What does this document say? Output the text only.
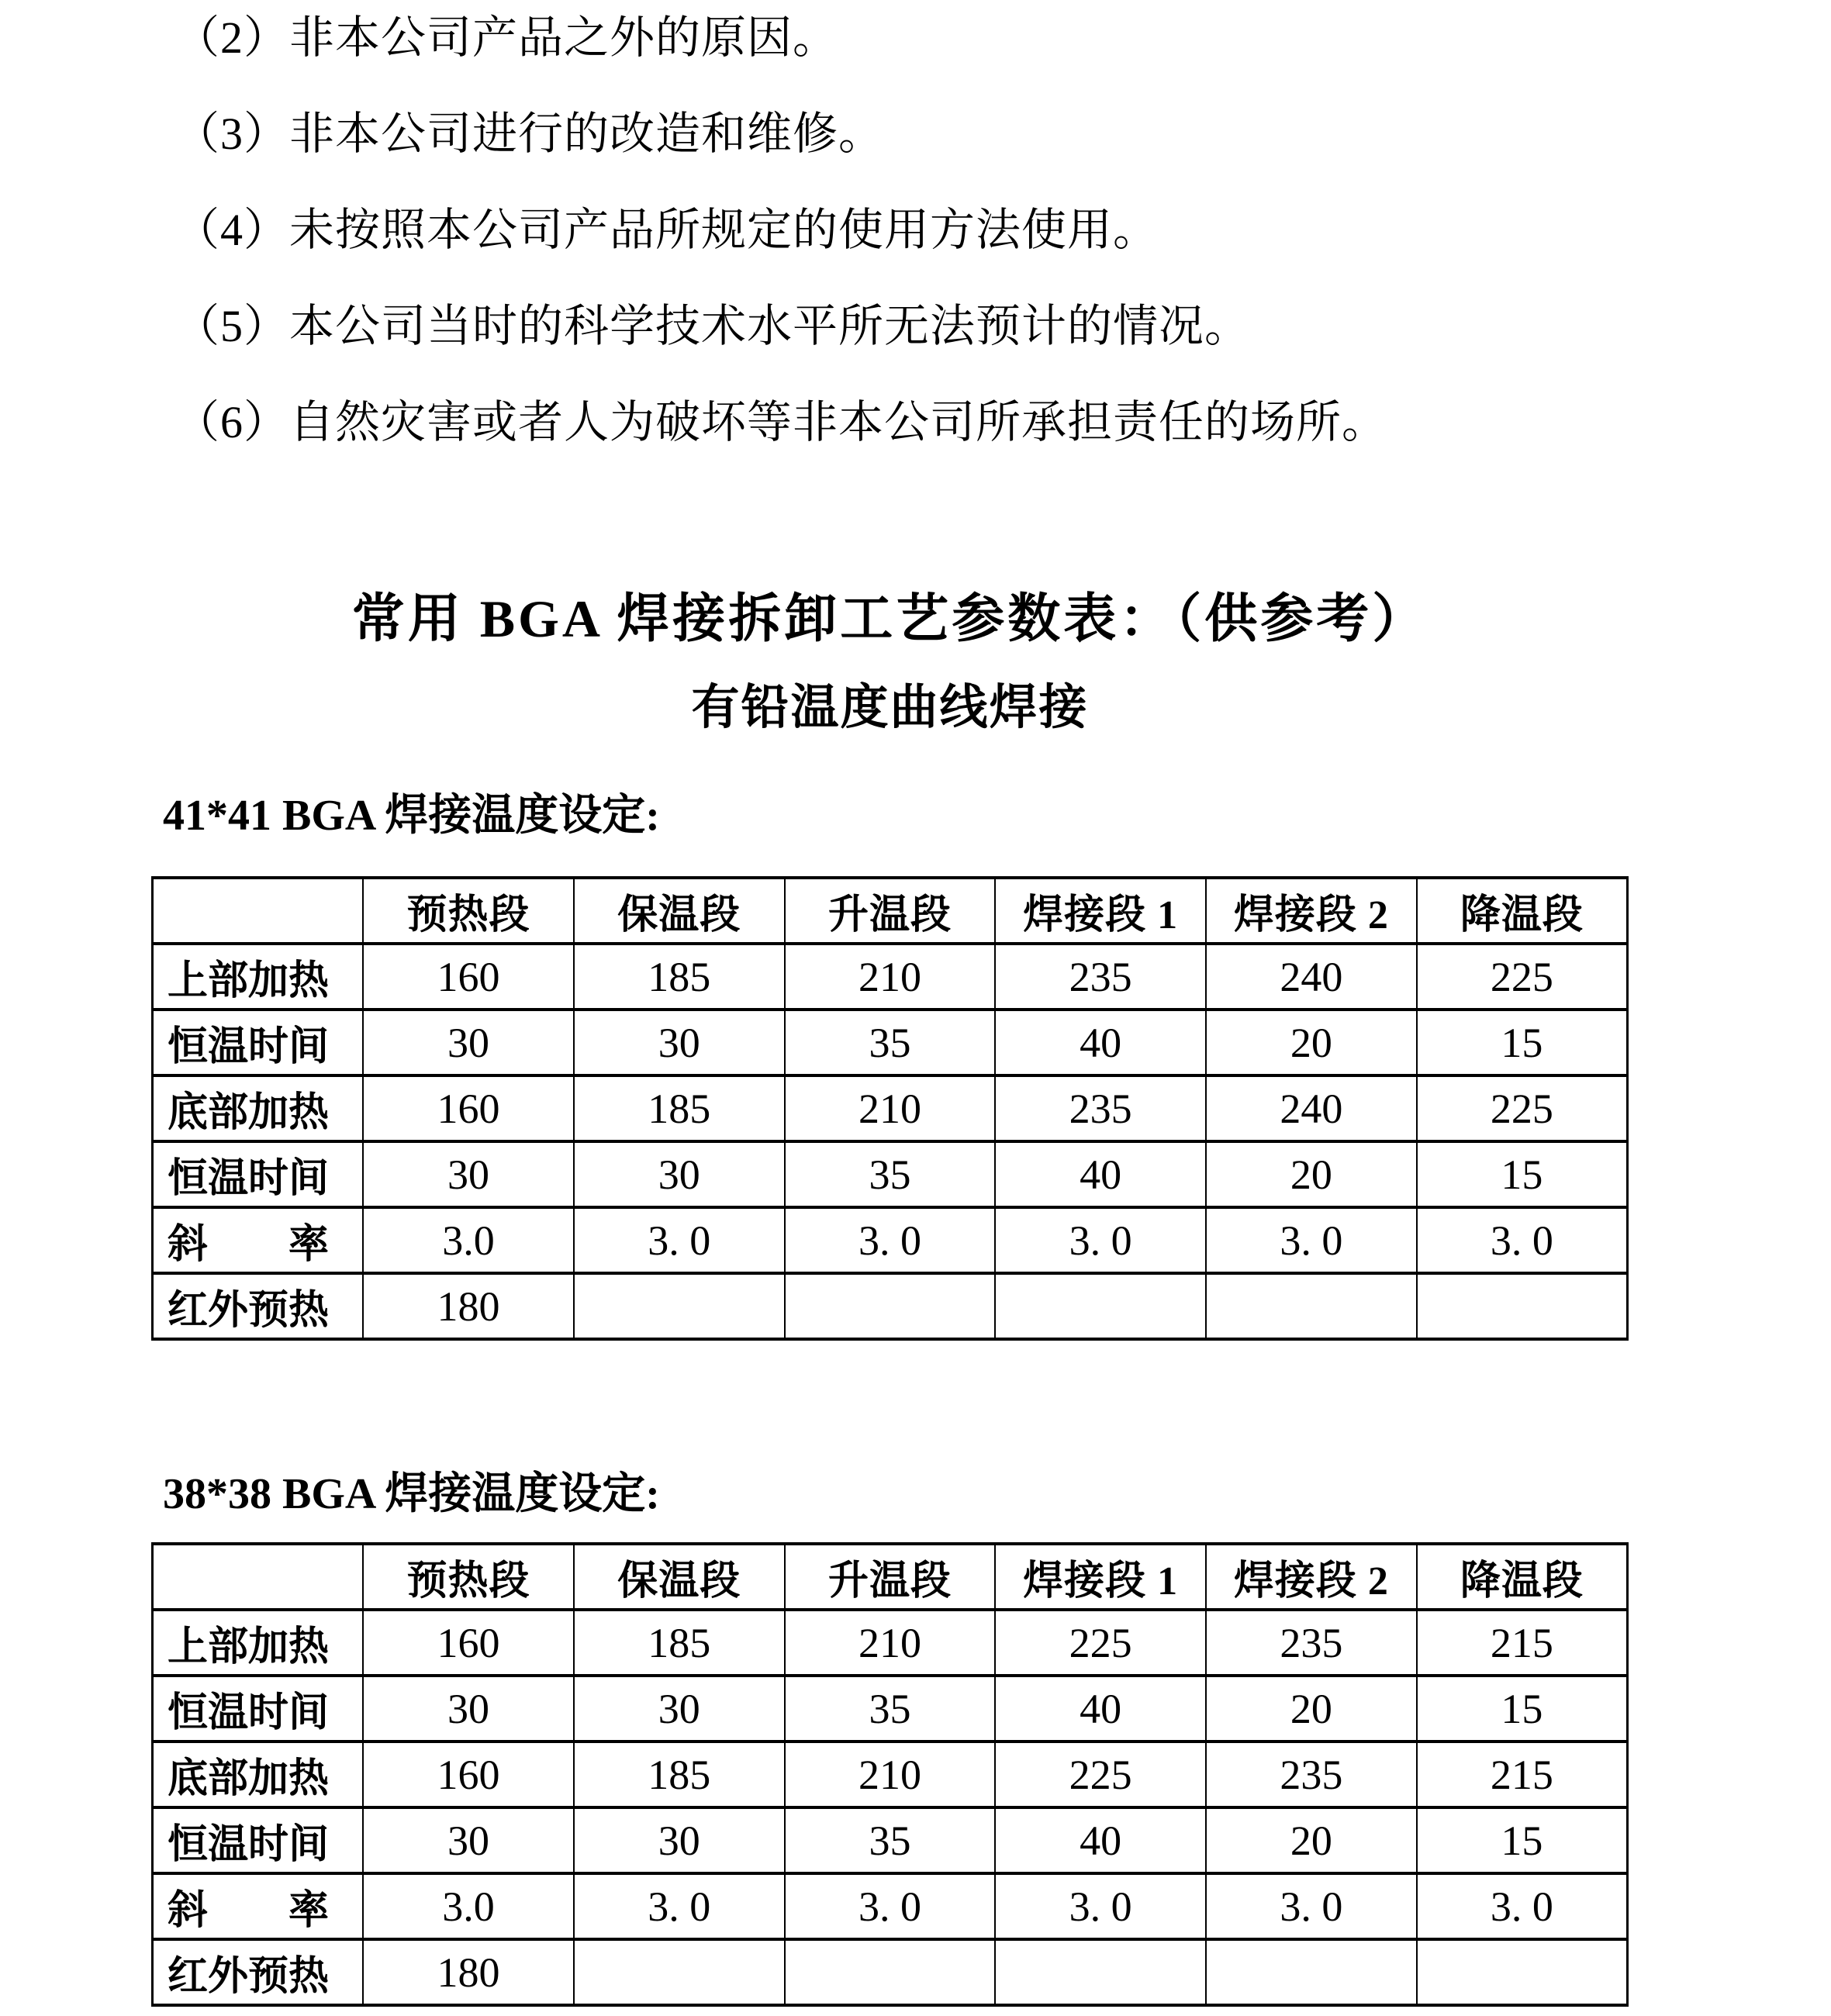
（2）非本公司产品之外的原因。
（3）非本公司进行的改造和维修。
（4）未按照本公司产品所规定的使用方法使用。
（5）本公司当时的科学技术水平所无法预计的情况。
（6）自然灾害或者人为破坏等非本公司所承担责任的场所。
常用 BGA 焊接拆卸工艺参数表：（供参考）
有铅温度曲线焊接
41*41 BGA 焊接温度设定:
	预热段	保温段	升温段	焊接段 1	焊接段 2	降温段
上部加热	160	185	210	235	240	225
恒温时间	30	30	35	40	20	15
底部加热	160	185	210	235	240	225
恒温时间	30	30	35	40	20	15
斜　　率	3.0	3. 0	3. 0	3. 0	3. 0	3. 0
红外预热	180					
38*38 BGA 焊接温度设定:
	预热段	保温段	升温段	焊接段 1	焊接段 2	降温段
上部加热	160	185	210	225	235	215
恒温时间	30	30	35	40	20	15
底部加热	160	185	210	225	235	215
恒温时间	30	30	35	40	20	15
斜　　率	3.0	3. 0	3. 0	3. 0	3. 0	3. 0
红外预热	180					
